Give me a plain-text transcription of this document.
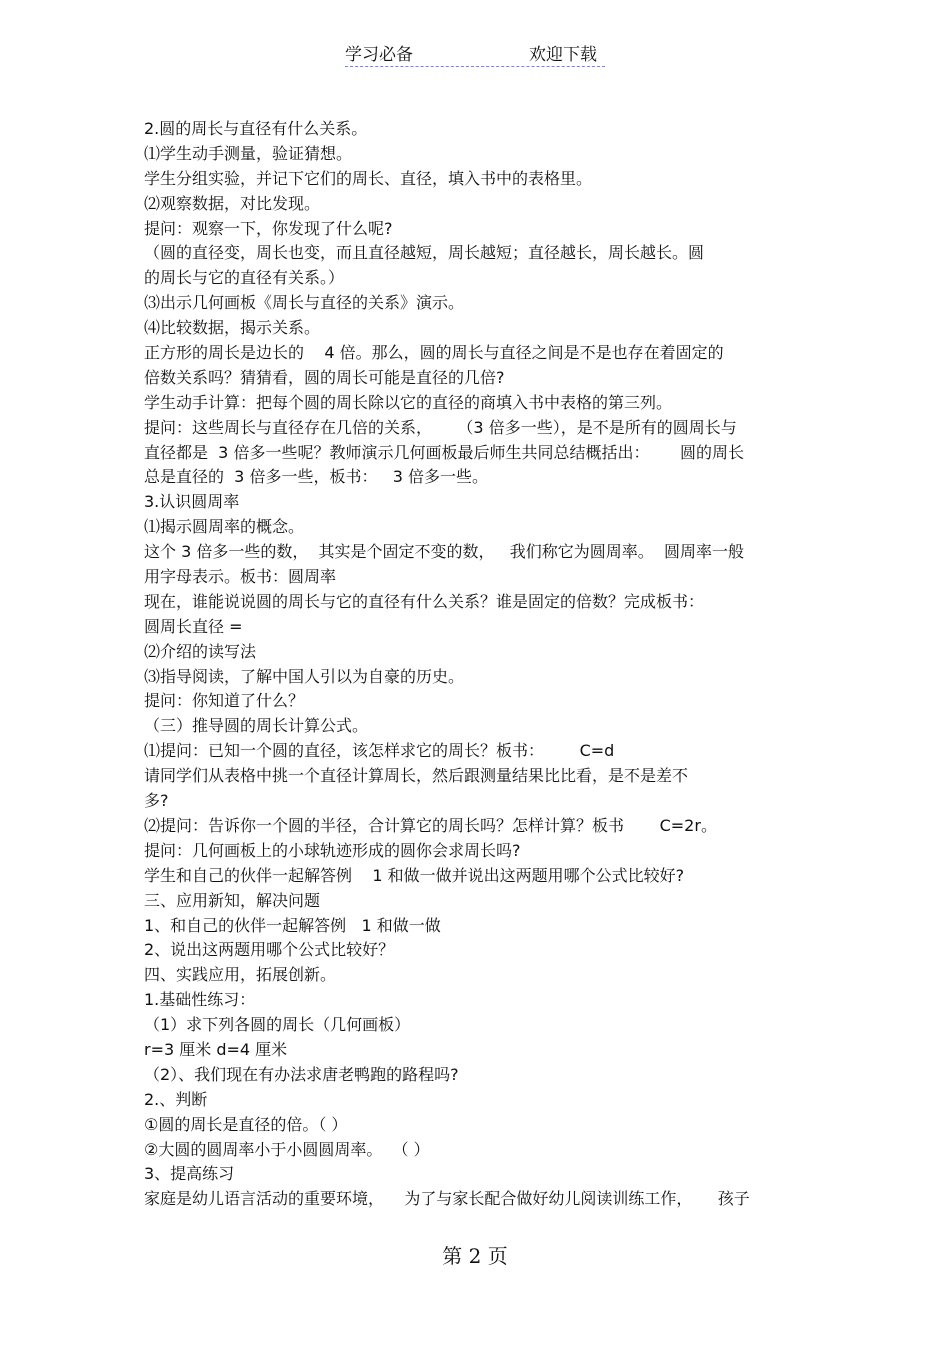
学习必备	欢迎下载
2.圆的周长与直径有什么关系。
⑴学生动手测量，验证猜想。
学生分组实验，并记下它们的周长、直径，填入书中的表格里。
⑵观察数据，对比发现。
提问：观察一下，你发现了什么呢?
（圆的直径变，周长也变，而且直径越短，周长越短；直径越长，周长越长。圆
的周长与它的直径有关系。）
⑶出示几何画板《周长与直径的关系》演示。
⑷比较数据，揭示关系。
正方形的周长是边长的    4 倍。那么，圆的周长与直径之间是不是也存在着固定的
倍数关系吗？猜猜看，圆的周长可能是直径的几倍?
学生动手计算：把每个圆的周长除以它的直径的商填入书中表格的第三列。
提问：这些周长与直径存在几倍的关系，     （3 倍多一些），是不是所有的圆周长与
直径都是  3 倍多一些呢？教师演示几何画板最后师生共同总结概括出：      圆的周长
总是直径的  3 倍多一些，板书：   3 倍多一些。
3.认识圆周率
⑴揭示圆周率的概念。
这个 3 倍多一些的数，  其实是个固定不变的数，   我们称它为圆周率。  圆周率一般
用字母表示。板书：圆周率
现在，谁能说说圆的周长与它的直径有什么关系？谁是固定的倍数？完成板书：
圆周长直径 =
⑵介绍的读写法
⑶指导阅读，了解中国人引以为自豪的历史。
提问：你知道了什么？
（三）推导圆的周长计算公式。
⑴提问：已知一个圆的直径，该怎样求它的周长？板书：       C=d
请同学们从表格中挑一个直径计算周长，然后跟测量结果比比看，是不是差不
多?
⑵提问：告诉你一个圆的半径，合计算它的周长吗？怎样计算？板书       C=2r。
提问：几何画板上的小球轨迹形成的圆你会求周长吗?
学生和自己的伙伴一起解答例    1 和做一做并说出这两题用哪个公式比较好?
三、应用新知，解决问题
1、和自己的伙伴一起解答例   1 和做一做
2、说出这两题用哪个公式比较好？
四、实践应用，拓展创新。
1.基础性练习：
（1）求下列各圆的周长（几何画板）
r=3 厘米 d=4 厘米
（2）、我们现在有办法求唐老鸭跑的路程吗?
2.、判断
①圆的周长是直径的倍。（ ）
②大圆的圆周率小于小圆圆周率。  （ ）
3、提高练习
家庭是幼儿语言活动的重要环境，    为了与家长配合做好幼儿阅读训练工作，     孩子
第 2 页
